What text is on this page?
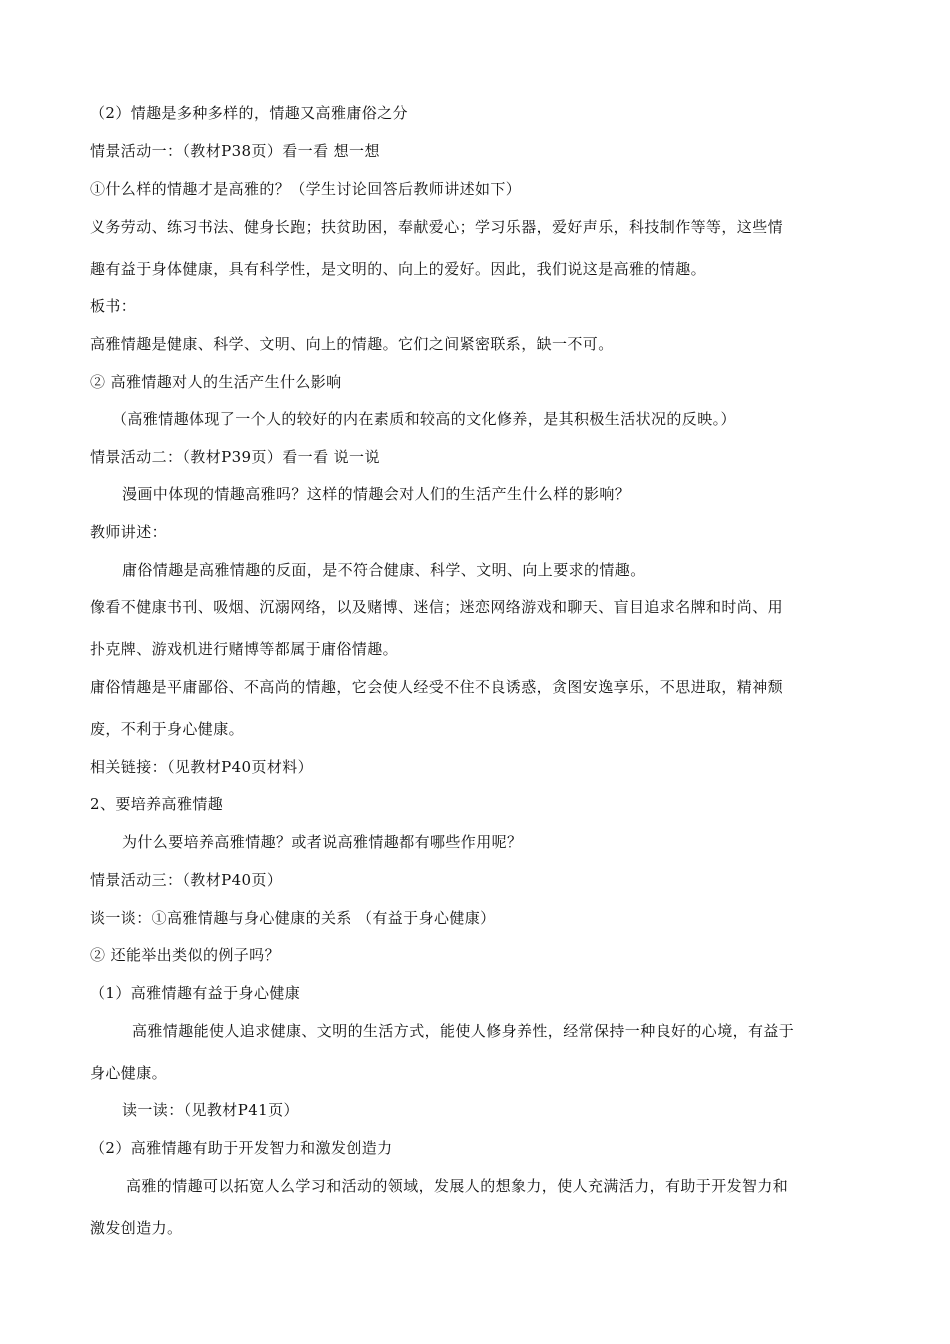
（2）情趣是多种多样的，情趣又高雅庸俗之分
情景活动一：（教材P38页）看一看 想一想
①什么样的情趣才是高雅的？（学生讨论回答后教师讲述如下）
义务劳动、练习书法、健身长跑；扶贫助困，奉献爱心；学习乐器，爱好声乐，科技制作等等，这些情
趣有益于身体健康，具有科学性，是文明的、向上的爱好。因此，我们说这是高雅的情趣。
板书：
高雅情趣是健康、科学、文明、向上的情趣。它们之间紧密联系，缺一不可。
② 高雅情趣对人的生活产生什么影响
（高雅情趣体现了一个人的较好的内在素质和较高的文化修养，是其积极生活状况的反映。）
情景活动二：（教材P39页）看一看 说一说
漫画中体现的情趣高雅吗？这样的情趣会对人们的生活产生什么样的影响？
教师讲述：
庸俗情趣是高雅情趣的反面，是不符合健康、科学、文明、向上要求的情趣。
像看不健康书刊、吸烟、沉溺网络，以及赌博、迷信；迷恋网络游戏和聊天、盲目追求名牌和时尚、用
扑克牌、游戏机进行赌博等都属于庸俗情趣。
庸俗情趣是平庸鄙俗、不高尚的情趣，它会使人经受不住不良诱惑，贪图安逸享乐，不思进取，精神颓
废，不利于身心健康。
相关链接：（见教材P40页材料）
2、要培养高雅情趣
为什么要培养高雅情趣？或者说高雅情趣都有哪些作用呢？
情景活动三：（教材P40页）
谈一谈：①高雅情趣与身心健康的关系 （有益于身心健康）
② 还能举出类似的例子吗？
（1）高雅情趣有益于身心健康
高雅情趣能使人追求健康、文明的生活方式，能使人修身养性，经常保持一种良好的心境，有益于
身心健康。
读一读：（见教材P41页）
（2）高雅情趣有助于开发智力和激发创造力
高雅的情趣可以拓宽人么学习和活动的领域，发展人的想象力，使人充满活力，有助于开发智力和
激发创造力。
